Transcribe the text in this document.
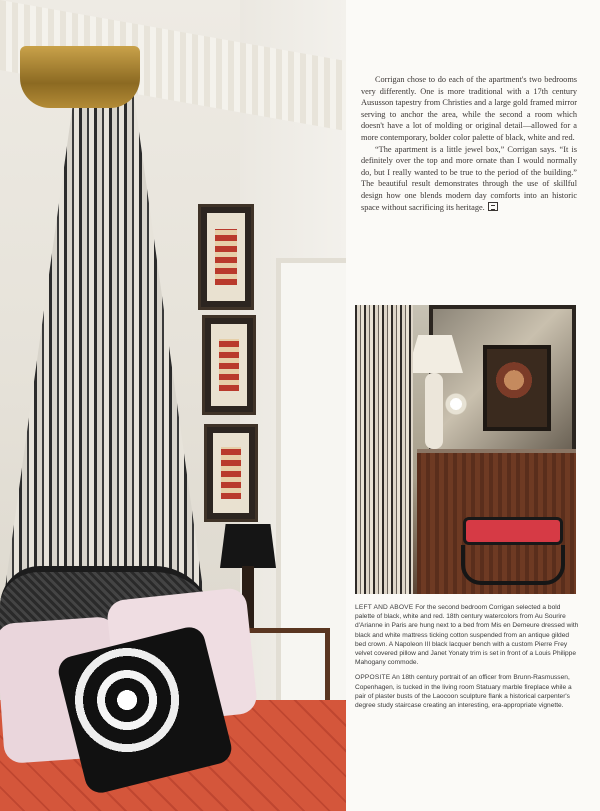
Corrigan chose to do each of the apartment's two bedrooms very differently. One is more traditional with a 17th century Aususson tapestry from Christies and a large gold framed mirror serving to anchor the area, while the second a room which doesn't have a lot of molding or original detail—allowed for a more contemporary, bolder color palette of black, white and red.

“The apartment is a little jewel box,” Corrigan says. “It is definitely over the top and more ornate than I would normally do, but I really wanted to be true to the period of the building.” The beautiful result demonstrates through the use of skillful design how one blends modern day comforts into an historic space without sacrificing its heritage.

LEFT AND ABOVE For the second bedroom Corrigan selected a bold palette of black, white and red. 18th century watercolors from Au Sourire d'Arianne in Paris are hung next to a bed from Mis en Demeure dressed with black and white mattress ticking cotton suspended from an antique gilded bed crown. A Napoleon III black lacquer bench with a custom Pierre Frey velvet covered pillow and Janet Yonaty trim is set in front of a Louis Philippe Mahogany commode.

OPPOSITE An 18th century portrait of an officer from Brunn-Rasmussen, Copenhagen, is tucked in the living room Statuary marble fireplace while a pair of plaster busts of the Laocoon sculpture flank a historical carpenter's degree study staircase creating an interesting, era-appropriate vignette.
